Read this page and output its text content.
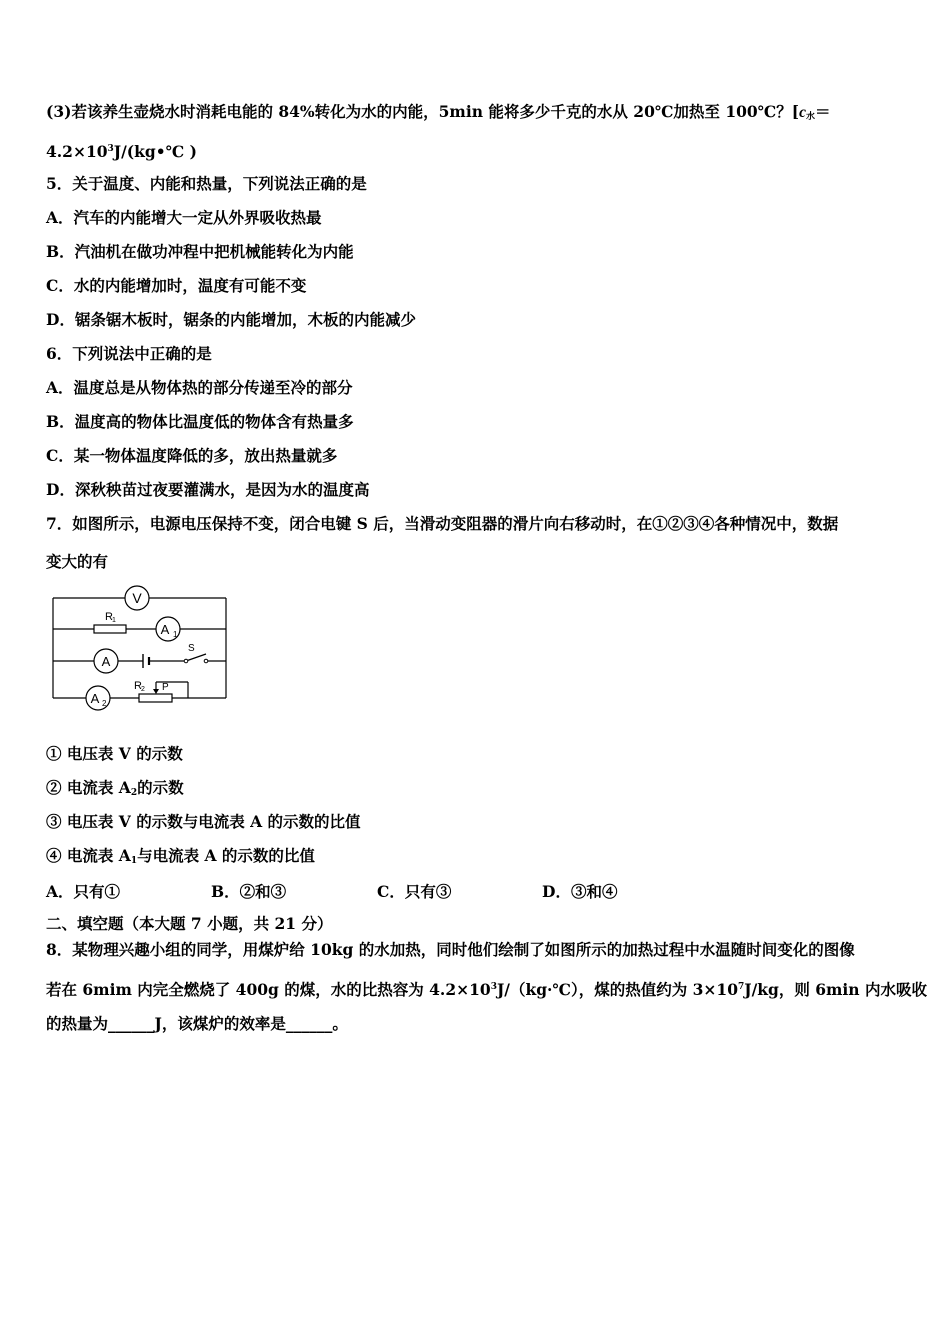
(3)若该养生壶烧水时消耗电能的 84%转化为水的内能，5min 能将多少千克的水从 20℃加热至 100℃？[$c_水=$
$4.2\times 10^3J/(kg•℃$ )
5．关于温度、内能和热量，下列说法正确的是
A．汽车的内能增大一定从外界吸收热最
B．汽油机在做功冲程中把机械能转化为内能
C．水的内能增加时，温度有可能不变
D．锯条锯木板时，锯条的内能增加，木板的内能减少
6．下列说法中正确的是
A．温度总是从物体热的部分传递至冷的部分
B．温度高的物体比温度低的物体含有热量多
C．某一物体温度降低的多，放出热量就多
D．深秋秧苗过夜要灌满水，是因为水的温度高
7．如图所示，电源电压保持不变，闭合电键 S 后，当滑动变阻器的滑片向右移动时，在①②③④各种情况中，数据
变大的有
V
A 1
A
A 2
R 1
R 2 P
S
① 电压表 V 的示数
② 电流表 $A_2$的示数
③ 电压表 V 的示数与电流表 A 的示数的比值
④ 电流表 $A_1$与电流表 A 的示数的比值
A．只有①	B．②和③	C．只有③	D．③和④
二、填空题（本大题 7 小题，共 21 分）
8．某物理兴趣小组的同学，用煤炉给 10kg 的水加热，同时他们绘制了如图所示的加热过程中水温随时间变化的图像
若在 6mim 内完全燃烧了 400g 的煤，水的比热容为 $4.2\times 10^3J/(kg\cdot℃)$，煤的热值约为 $3\times 10^7J/kg$，则 6min 内水吸收
的热量为______J，该煤炉的效率是______。
